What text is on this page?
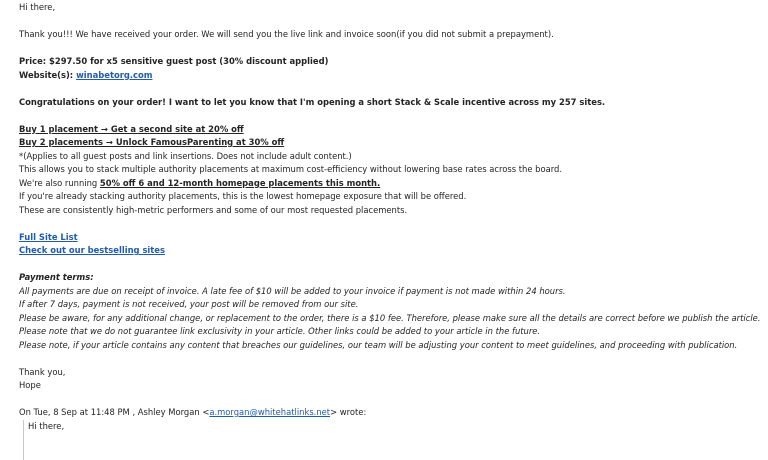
Hi there,
Thank you!!! We have received your order. We will send you the live link and invoice soon(if you did not submit a prepayment).
Price: $297.50 for x5 sensitive guest post (30% discount applied)
Website(s): winabetorg.com
Congratulations on your order! I want to let you know that I'm opening a short Stack & Scale incentive across my 257 sites.
Buy 1 placement → Get a second site at 20% off
Buy 2 placements → Unlock FamousParenting at 30% off
*(Applies to all guest posts and link insertions. Does not include adult content.)
This allows you to stack multiple authority placements at maximum cost-efficiency without lowering base rates across the board.
We're also running 50% off 6 and 12-month homepage placements this month.
If you're already stacking authority placements, this is the lowest homepage exposure that will be offered.
These are consistently high-metric performers and some of our most requested placements.
Full Site List
Check out our bestselling sites
Payment terms:
All payments are due on receipt of invoice. A late fee of $10 will be added to your invoice if payment is not made within 24 hours.
If after 7 days, payment is not received, your post will be removed from our site.
Please be aware, for any additional change, or replacement to the order, there is a $10 fee. Therefore, please make sure all the details are correct before we publish the article.
Please note that we do not guarantee link exclusivity in your article. Other links could be added to your article in the future.
Please note, if your article contains any content that breaches our guidelines, our team will be adjusting your content to meet guidelines, and proceeding with publication.
Thank you,
Hope
On Tue, 8 Sep at 11:48 PM , Ashley Morgan <a.morgan@whitehatlinks.net> wrote:
Hi there,
